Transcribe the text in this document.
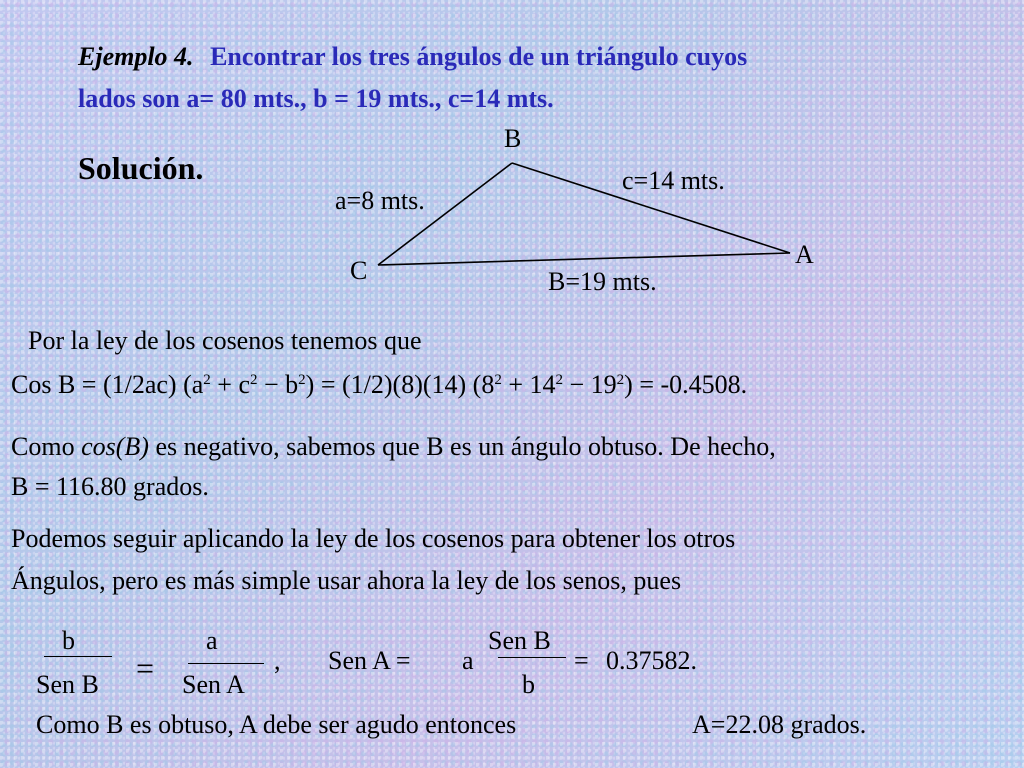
Ejemplo 4. Encontrar los tres ángulos de un triángulo cuyos
lados son a= 80 mts., b = 19 mts., c=14 mts.
Solución.
B
A
C
a=8 mts.
c=14 mts.
B=19 mts.
Por la ley de los cosenos tenemos que
Cos B = (1/2ac) $(a^2 + c^2 - b^2) = (1/2)(8)(14) (8^2 + 14^2 - 19^2) = -0.4508$.
Como cos(B) es negativo, sabemos que B es un ángulo obtuso. De hecho,
B = 116.80 grados.
Podemos seguir aplicando la ley de los cosenos para obtener los otros
Ángulos, pero es más simple usar ahora la ley de los senos, pues
b
Sen B =
a
Sen A
, Sen A = a
Sen B
b
= 0.37582.
Como B es obtuso, A debe ser agudo entonces	A=22.08 grados.
